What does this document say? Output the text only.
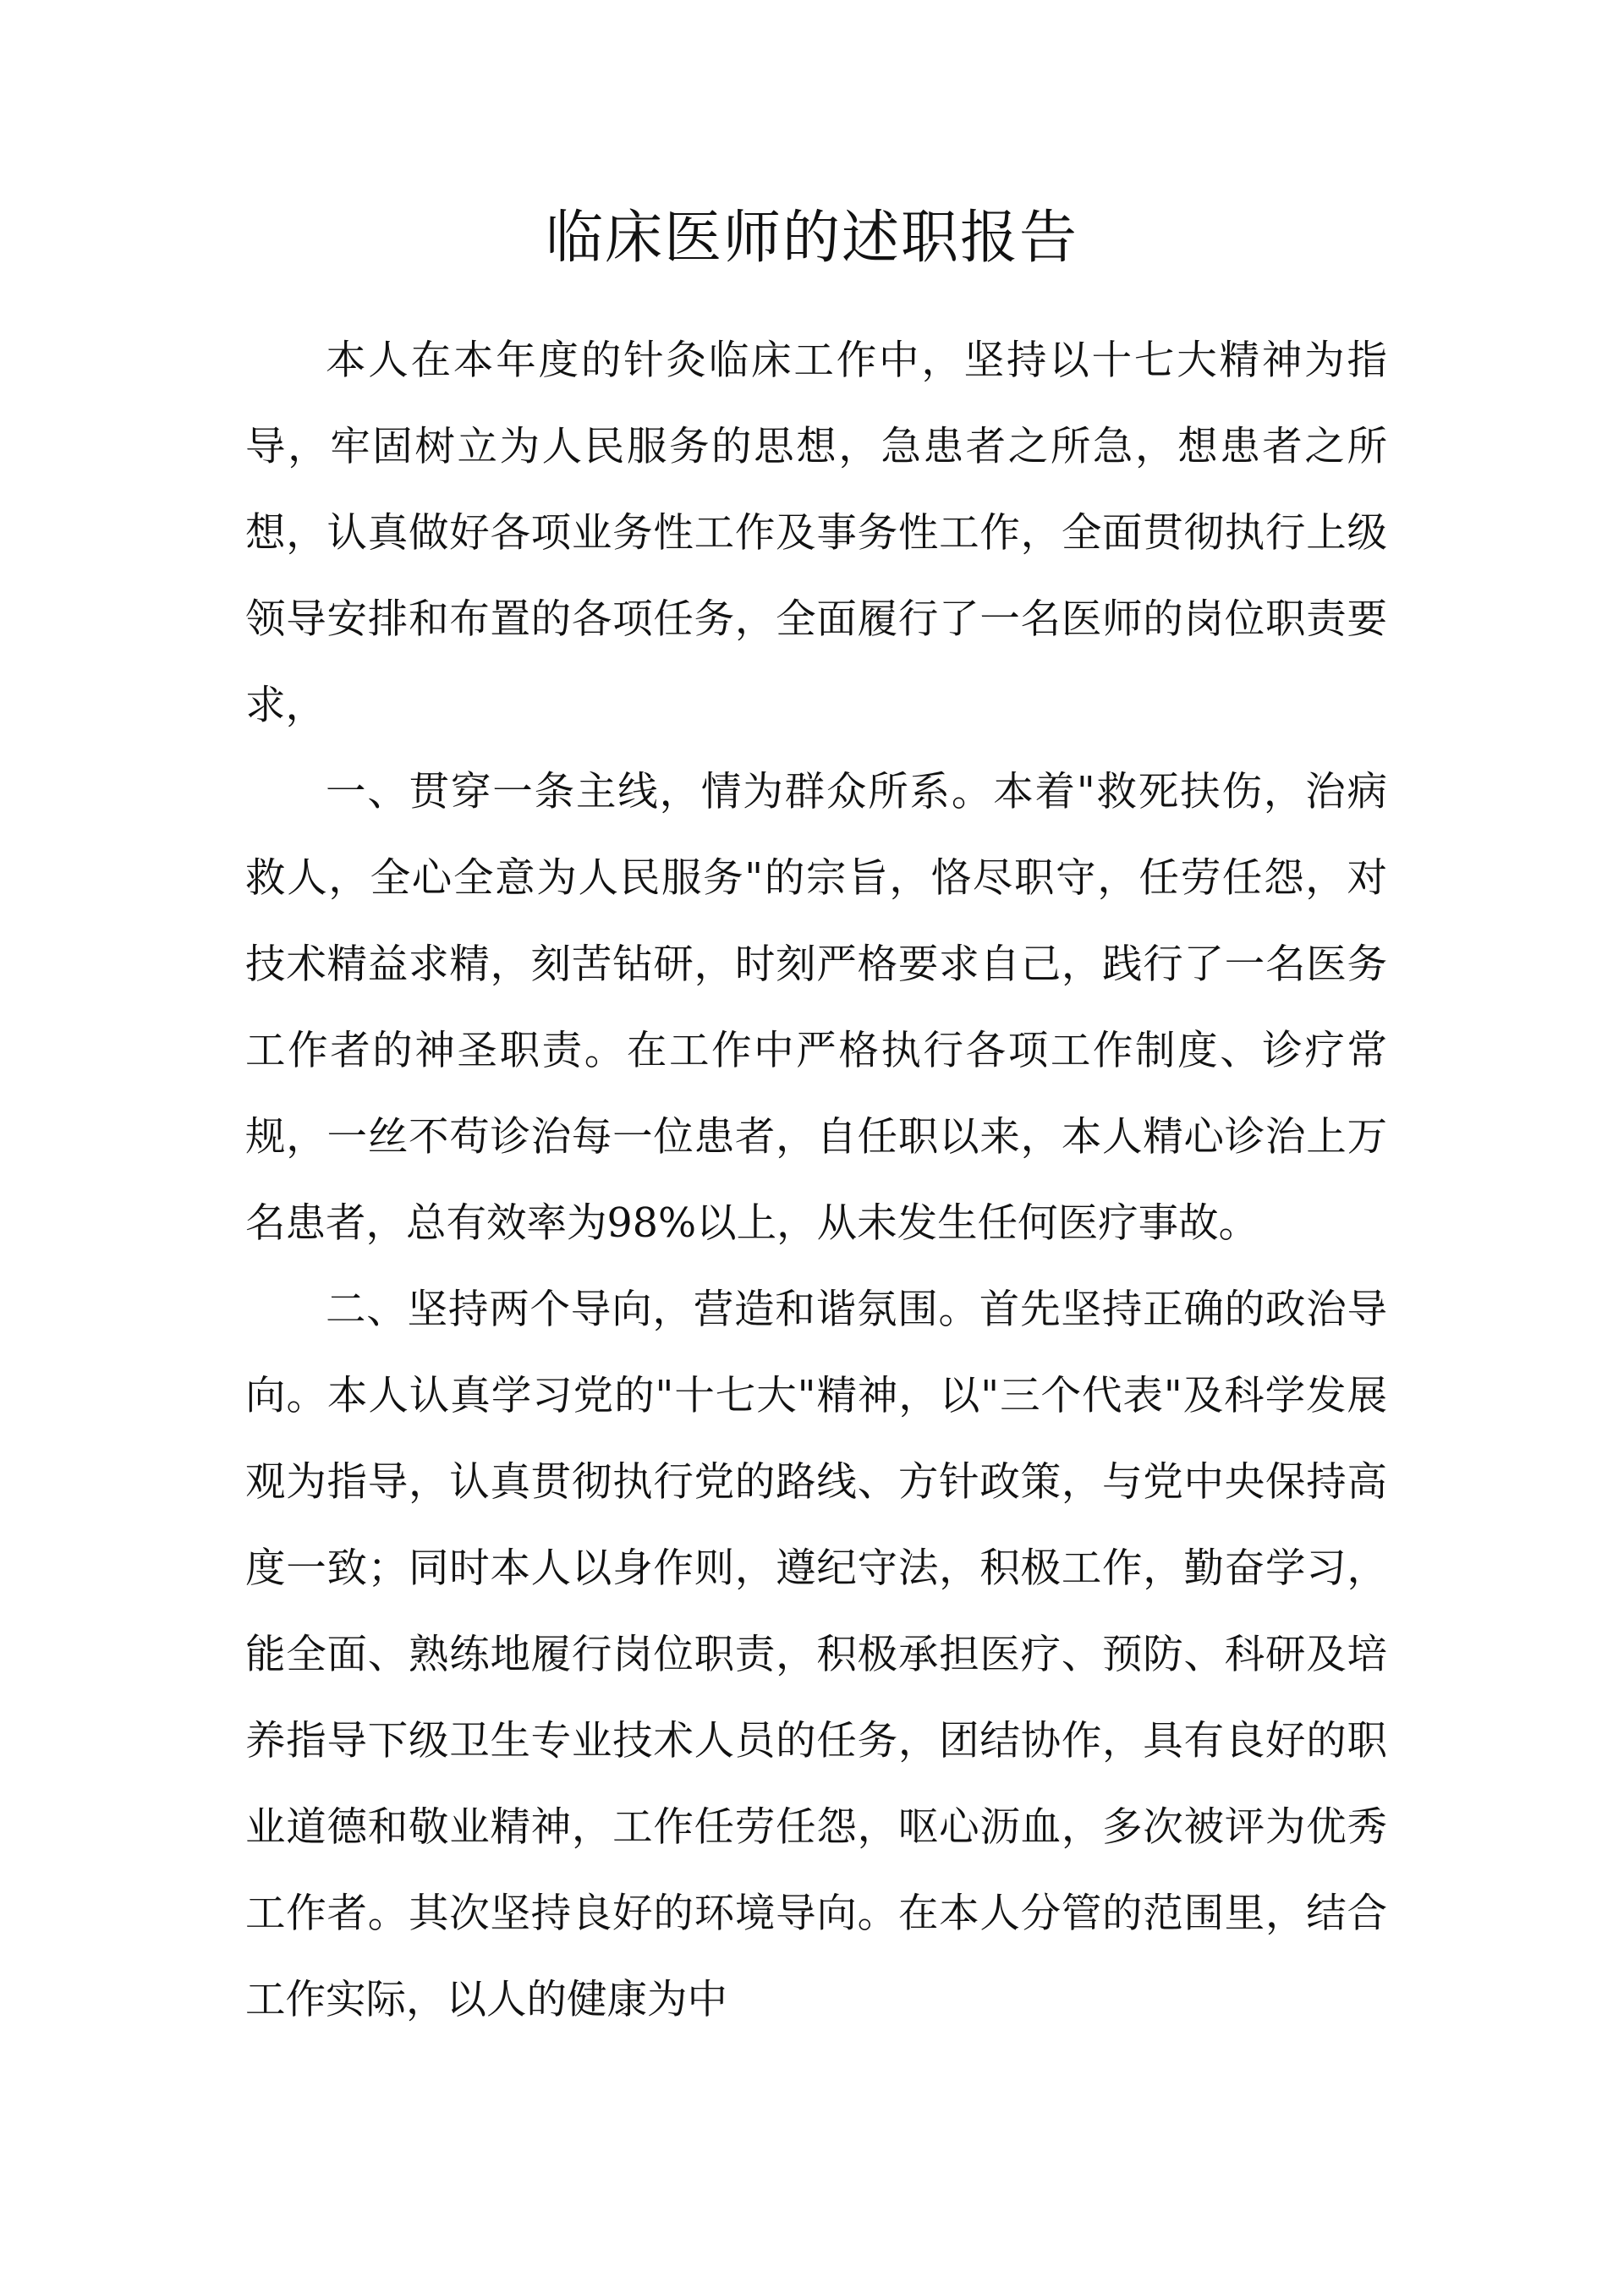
临床医师的述职报告

本人在本年度的针灸临床工作中，坚持以十七大精神为指导，牢固树立为人民服务的思想，急患者之所急，想患者之所想，认真做好各项业务性工作及事务性工作，全面贯彻执行上级领导安排和布置的各项任务，全面履行了一名医师的岗位职责要求，

一、贯穿一条主线，情为群众所系。本着"救死扶伤，治病救人，全心全意为人民服务"的宗旨，恪尽职守，任劳任怨，对技术精益求精，刻苦钻研，时刻严格要求自己，践行了一名医务工作者的神圣职责。在工作中严格执行各项工作制度、诊疗常规，一丝不苟诊治每一位患者，自任职以来，本人精心诊治上万名患者，总有效率为98%以上，从未发生任何医疗事故。

二、坚持两个导向，营造和谐氛围。首先坚持正确的政治导向。本人认真学习党的"十七大"精神，以"三个代表"及科学发展观为指导，认真贯彻执行党的路线、方针政策，与党中央保持高度一致；同时本人以身作则，遵纪守法，积极工作，勤奋学习，能全面、熟练地履行岗位职责，积极承担医疗、预防、科研及培养指导下级卫生专业技术人员的任务，团结协作，具有良好的职业道德和敬业精神，工作任劳任怨，呕心沥血，多次被评为优秀工作者。其次坚持良好的环境导向。在本人分管的范围里，结合工作实际，以人的健康为中
